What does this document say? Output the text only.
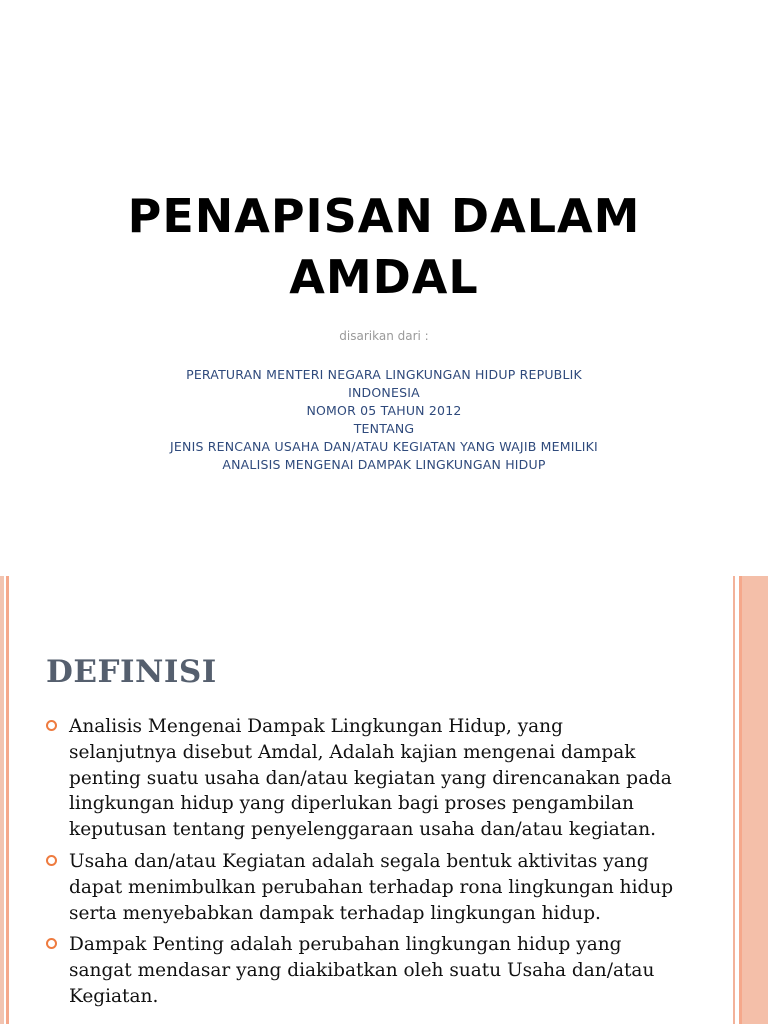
PENAPISAN DALAM
AMDAL
disarikan dari :
PERATURAN MENTERI NEGARA LINGKUNGAN HIDUP REPUBLIK
INDONESIA
NOMOR 05 TAHUN 2012
TENTANG
JENIS RENCANA USAHA DAN/ATAU KEGIATAN YANG WAJIB MEMILIKI
ANALISIS MENGENAI DAMPAK LINGKUNGAN HIDUP
DEFINISI
Analisis Mengenai Dampak Lingkungan Hidup, yang selanjutnya disebut Amdal, Adalah kajian mengenai dampak penting suatu usaha dan/atau kegiatan yang direncanakan pada lingkungan hidup yang diperlukan bagi proses pengambilan keputusan tentang penyelenggaraan usaha dan/atau kegiatan.
Usaha dan/atau Kegiatan adalah segala bentuk aktivitas yang dapat menimbulkan perubahan terhadap rona lingkungan hidup serta menyebabkan dampak terhadap lingkungan hidup.
Dampak Penting adalah perubahan lingkungan hidup yang sangat mendasar yang diakibatkan oleh suatu Usaha dan/atau Kegiatan.
